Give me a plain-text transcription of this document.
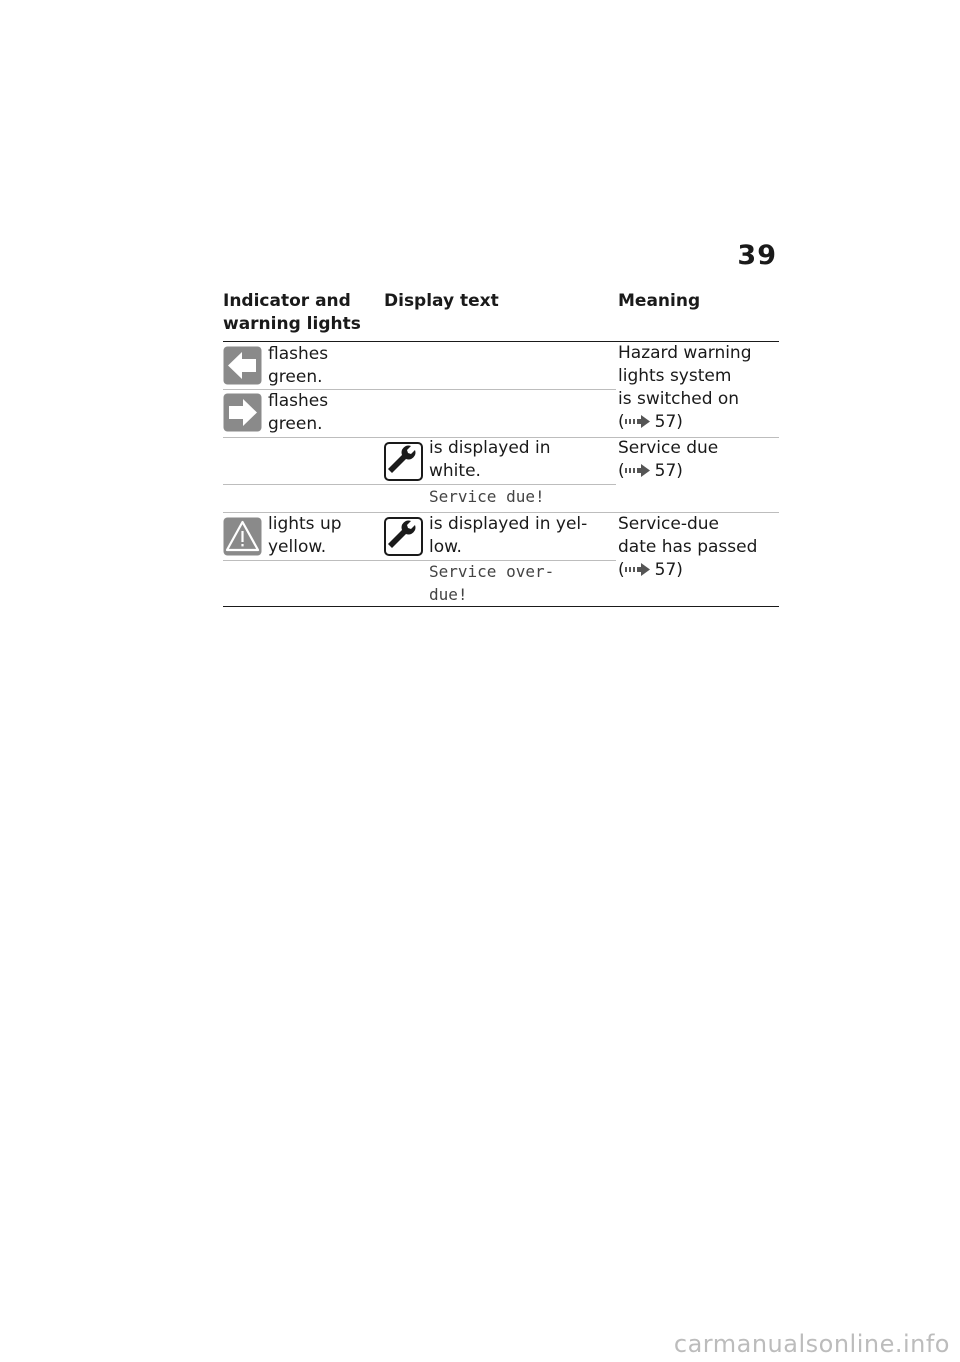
39
Indicator and
warning lights
Display text	Meaning
flashes
green.
flashes
green.
Hazard warning
lights system
is switched on
( 57)
is displayed in
white.
Service due!
Service due
( 57)
lights up
yellow.
is displayed in yel-
low.
Service over-
due!
Service-due
date has passed
( 57)
carmanualsonline.info
